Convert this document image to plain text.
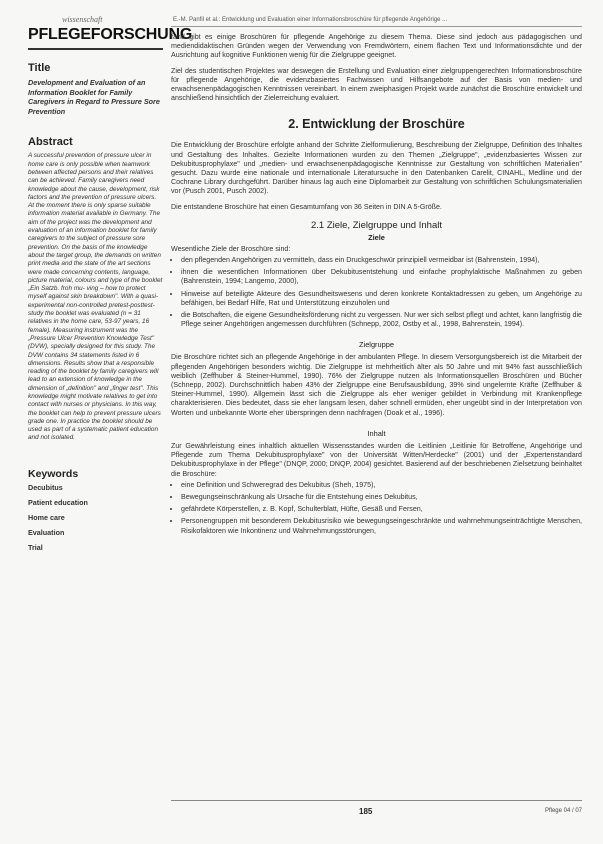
wissenschaft
PFLEGEFORSCHUNG
Title
Development and Evaluation of an Information Booklet for Family Caregivers in Regard to Pressure Sore Prevention
Abstract
A successful prevention of pressure ulcer in home care is only possible when teamwork between affected persons and their relatives can be achieved. Family caregivers need knowledge about the cause, development, risk factors and the prevention of pressure ulcers. At the moment there is only sparse suitable information material available in Germany. The aim of the project was the development and evaluation of an information booklet for family caregivers to the subject of pressure sore prevention. On the basis of the knowledge about the target group, the demands on written print media and the state of the art sections were made concerning contents, language, picture material, colours and type of the booklet „Ein Satzb. froh mu- ving – how to protect myself against skin breakdown". With a quasi-experimental non-controlled pretest-posttest-study the booklet was evaluated (n = 31 relatives in the home care, 53-97 years, 16 female). Measuring instrument was the „Pressure Ulcer Prevention Knowledge Test" (DVW), specially designed for this study. The DVW contains 34 statements listed in 6 dimensions. Results show that a responsible reading of the booklet by family caregivers will lead to an extension of knowledge in the dimension of „definition" and „finger test". This knowledge might motivate relatives to get into contact with nurses or physicians. In this way, the booklet can help to prevent pressure ulcers grade one. In practice the booklet should be used as part of a systematic patient education and not isolated.
Keywords
Decubitus
Patient education
Home care
Evaluation
Trial
E.-M. Panfil et al.: Entwicklung und Evaluation einer Informationsbroschüre für pflegende Angehörige ...

fand gibt es einige Broschüren für pflegende Angehörige zu diesem Thema. Diese sind jedoch aus pädagogischen und mediendidaktischen Gründen wegen der Verwendung von Fremdwörtern, einem flachen Text und Informationsdichte und der Ausrichtung auf kognitive Funktionen wenig für die Zielgruppe geeignet.

Ziel des studentischen Projektes war deswegen die Erstellung und Evaluation einer zielgruppengerechten Informationsbroschüre für pflegende Angehörige, die evidenzbasiertes Fachwissen und Hilfsangebote auf der Basis von medien- und erwachsenenpädagogischen Kenntnissen vereinbart. In einem zweiphasigen Projekt wurde zunächst die Broschüre entwickelt und anschließend hinsichtlich der Zielerreichung evaluiert.

2. Entwicklung der Broschüre

Die Entwicklung der Broschüre erfolgte anhand der Schritte Zielformulierung, Beschreibung der Zielgruppe, Definition des Inhaltes und Gestaltung des Inhaltes. Gezielte Informationen wurden zu den Themen „Zielgruppe", „evidenzbasiertes Wissen zur Dekubitusprophylaxe" und „medien- und erwachsenenpädagogische Kenntnisse zur Gestaltung von schriftlichen Materialien" gesucht. Dazu wurde eine nationale und internationale Literatursuche in den Datenbanken Carelit, CINAHL, Medline und der Cochrane Library durchgeführt. Darüber hinaus lag auch eine Diplomarbeit zur Gestaltung von schriftlichen Schulungsmaterialien vor (Pusch 2001, Pusch 2002).

Die entstandene Broschüre hat einen Gesamtumfang von 36 Seiten in DIN A 5-Größe.

2.1 Ziele, Zielgruppe und Inhalt
Ziele

Wesentliche Ziele der Broschüre sind:

• den pflegenden Angehörigen zu vermitteln, dass ein Druckgeschwür prinzipiell vermeidbar ist (Bahrenstein, 1994),
• ihnen die wesentlichen Informationen über Dekubitusentstehung und einfache prophylaktische Maßnahmen zu geben (Bahrenstein, 1994; Langemo, 2000),
• Hinweise auf beteiligte Akteure des Gesundheitswesens und deren konkrete Kontaktadressen zu geben, um Angehörige zu befähigen, bei Bedarf Hilfe, Rat und Unterstützung einzuholen und
• die Botschaften, die eigene Gesundheitsförderung nicht zu vergessen. Nur wer sich selbst pflegt und achtet, kann langfristig die Pflege seiner Angehörigen angemessen durchführen (Schnepp, 2002, Ostby et al., 1998, Bahrenstein, 1994).
Zielgruppe

Die Broschüre richtet sich an pflegende Angehörige in der ambulanten Pflege. In diesem Versorgungsbereich ist die Mitarbeit der pflegenden Angehörigen besonders wichtig. Die Zielgruppe ist mehrheitlich älter als 50 Jahre und mit 94% fast ausschließlich weiblich (Zeffhuber & Steiner-Hummel, 1990). 76% der Zielgruppe nutzen als Informationsquellen Broschüren und Bücher (Schnepp, 2002). Durchschnittlich haben 43% der Zielgruppe eine Berufsausbildung, 39% sind ungelernte Kräfte (Zeffhuber & Steiner-Hummel, 1990). Allgemein lässt sich die Zielgruppe als eher weniger gebildet in Verbindung mit Krankenpflege charakterisieren. Dies bedeutet, dass sie eher langsam lesen, daher schnell ermüden, eher ungeübt sind in der Interpretation von Worten und unbekannte Worte eher überspringen denn nachfragen (Doak et al., 1996).

Inhalt

Zur Gewährleistung eines inhaltlich aktuellen Wissensstandes wurden die Leitlinien „Leitlinie für Betroffene, Angehörige und Pflegende zum Thema Dekubitusprophylaxe" von der Universität Witten/Herdecke" (2001) und der „Expertenstandard Dekubitusprophylaxe in der Pflege" (DNQP, 2000; DNQP, 2004) gesichtet. Basierend auf der beschriebenen Zielsetzung beinhaltet die Broschüre:

• eine Definition und Schweregrad des Dekubitus (Sheh, 1975),
• Bewegungseinschränkung als Ursache für die Entstehung eines Dekubitus,
• gefährdete Körperstellen, z. B. Kopf, Schulterblatt, Hüfte, Gesäß und Fersen,
• Personengruppen mit besonderem Dekubitusrisiko wie bewegungseingeschränkte und wahrnehmungseinträchtigte Menschen, Risikofaktoren wie Inkontinenz und Wahrnehmungsstörungen,
185	Pflege 04 / 07
